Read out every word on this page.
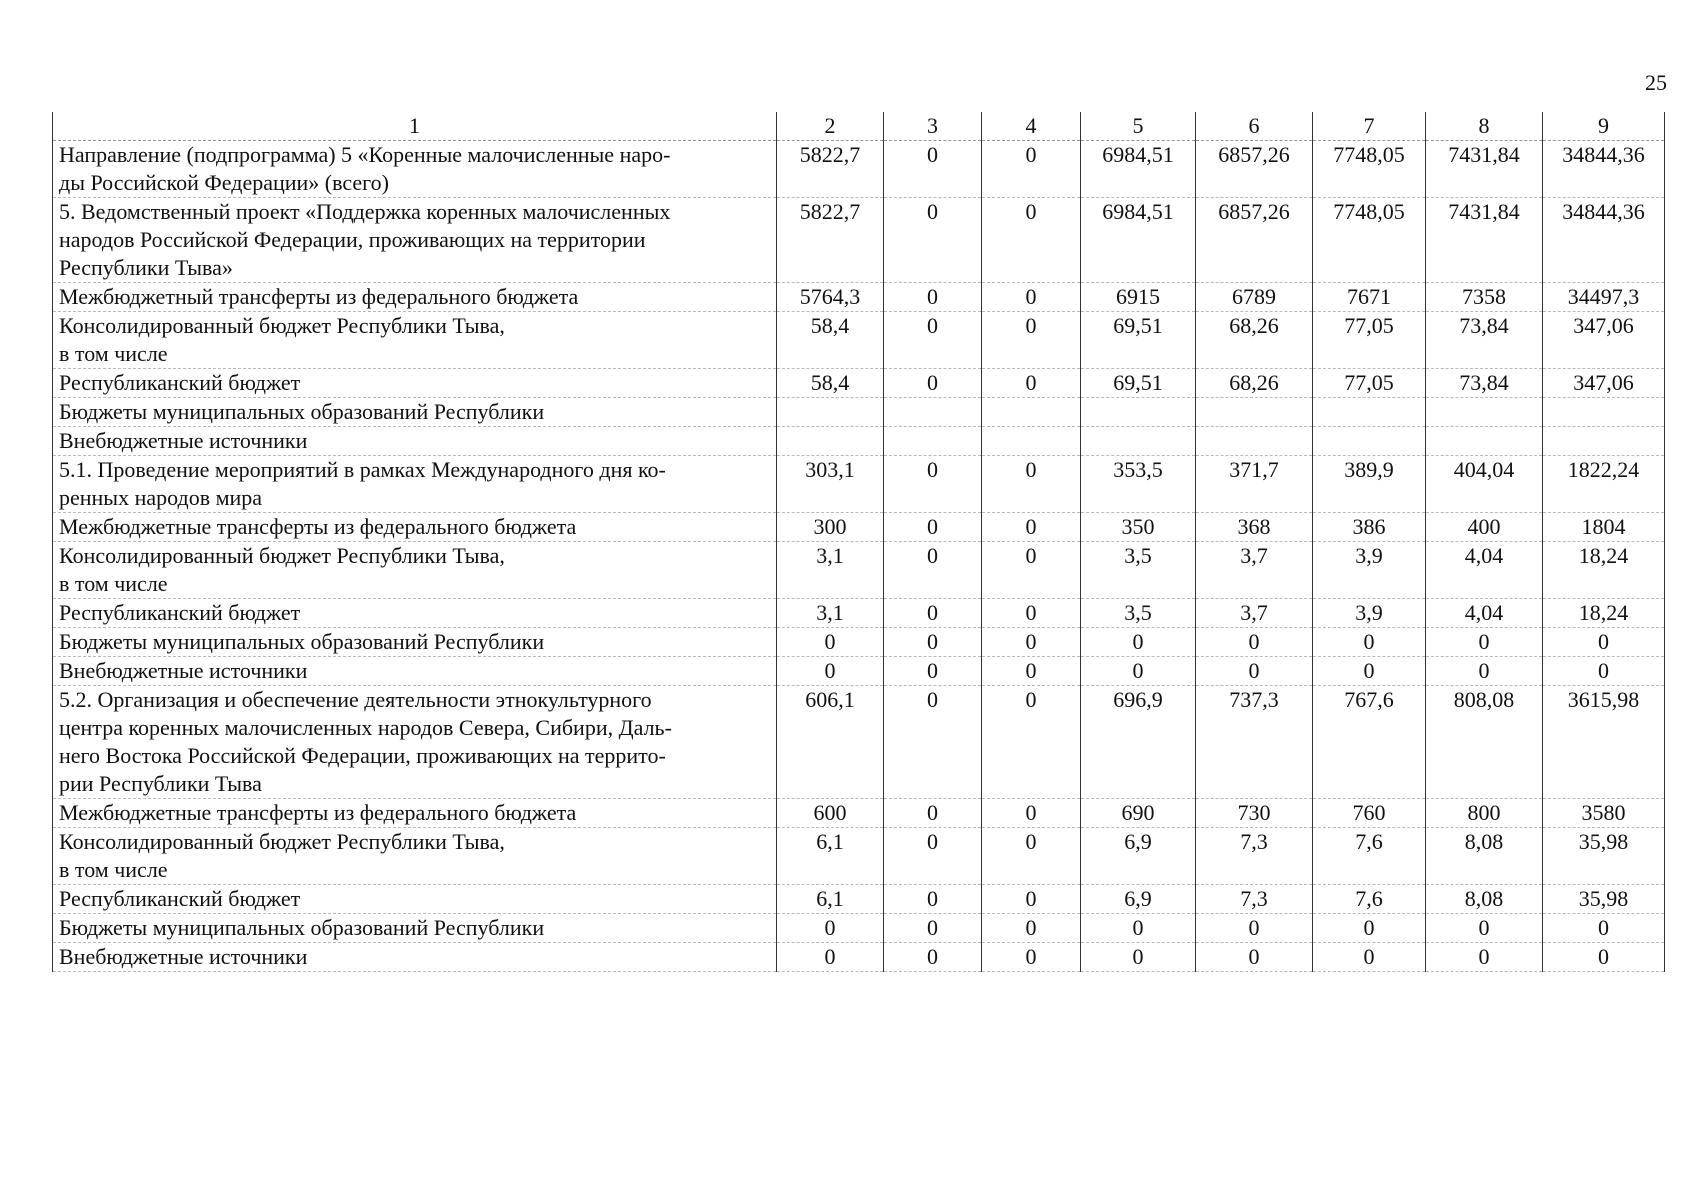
25
1	2	3	4	5	6	7	8	9

Направление (подпрограмма) 5 «Коренные малочисленные наро-
ды Российской Федерации» (всего)	5822,7	0	0	6984,51	6857,26	7748,05	7431,84	34844,36

5. Ведомственный проект «Поддержка коренных малочисленных
народов Российской Федерации, проживающих на территории
Республики Тыва»	5822,7	0	0	6984,51	6857,26	7748,05	7431,84	34844,36

Межбюджетный трансферты из федерального бюджета	5764,3	0	0	6915	6789	7671	7358	34497,3

Консолидированный бюджет Республики Тыва,
в том числе	58,4	0	0	69,51	68,26	77,05	73,84	347,06

Республиканский бюджет	58,4	0	0	69,51	68,26	77,05	73,84	347,06

Бюджеты муниципальных образований Республики								

Внебюджетные источники								

5.1. Проведение мероприятий в рамках Международного дня ко-
ренных народов мира	303,1	0	0	353,5	371,7	389,9	404,04	1822,24

Межбюджетные трансферты из федерального бюджета	300	0	0	350	368	386	400	1804

Консолидированный бюджет Республики Тыва,
в том числе	3,1	0	0	3,5	3,7	3,9	4,04	18,24

Республиканский бюджет	3,1	0	0	3,5	3,7	3,9	4,04	18,24

Бюджеты муниципальных образований Республики	0	0	0	0	0	0	0	0

Внебюджетные источники	0	0	0	0	0	0	0	0

5.2. Организация и обеспечение деятельности этнокультурного
центра коренных малочисленных народов Севера, Сибири, Даль-
него Востока Российской Федерации, проживающих на террито-
рии Республики Тыва	606,1	0	0	696,9	737,3	767,6	808,08	3615,98

Межбюджетные трансферты из федерального бюджета	600	0	0	690	730	760	800	3580

Консолидированный бюджет Республики Тыва,
в том числе	6,1	0	0	6,9	7,3	7,6	8,08	35,98

Республиканский бюджет	6,1	0	0	6,9	7,3	7,6	8,08	35,98

Бюджеты муниципальных образований Республики	0	0	0	0	0	0	0	0

Внебюджетные источники	0	0	0	0	0	0	0	0
